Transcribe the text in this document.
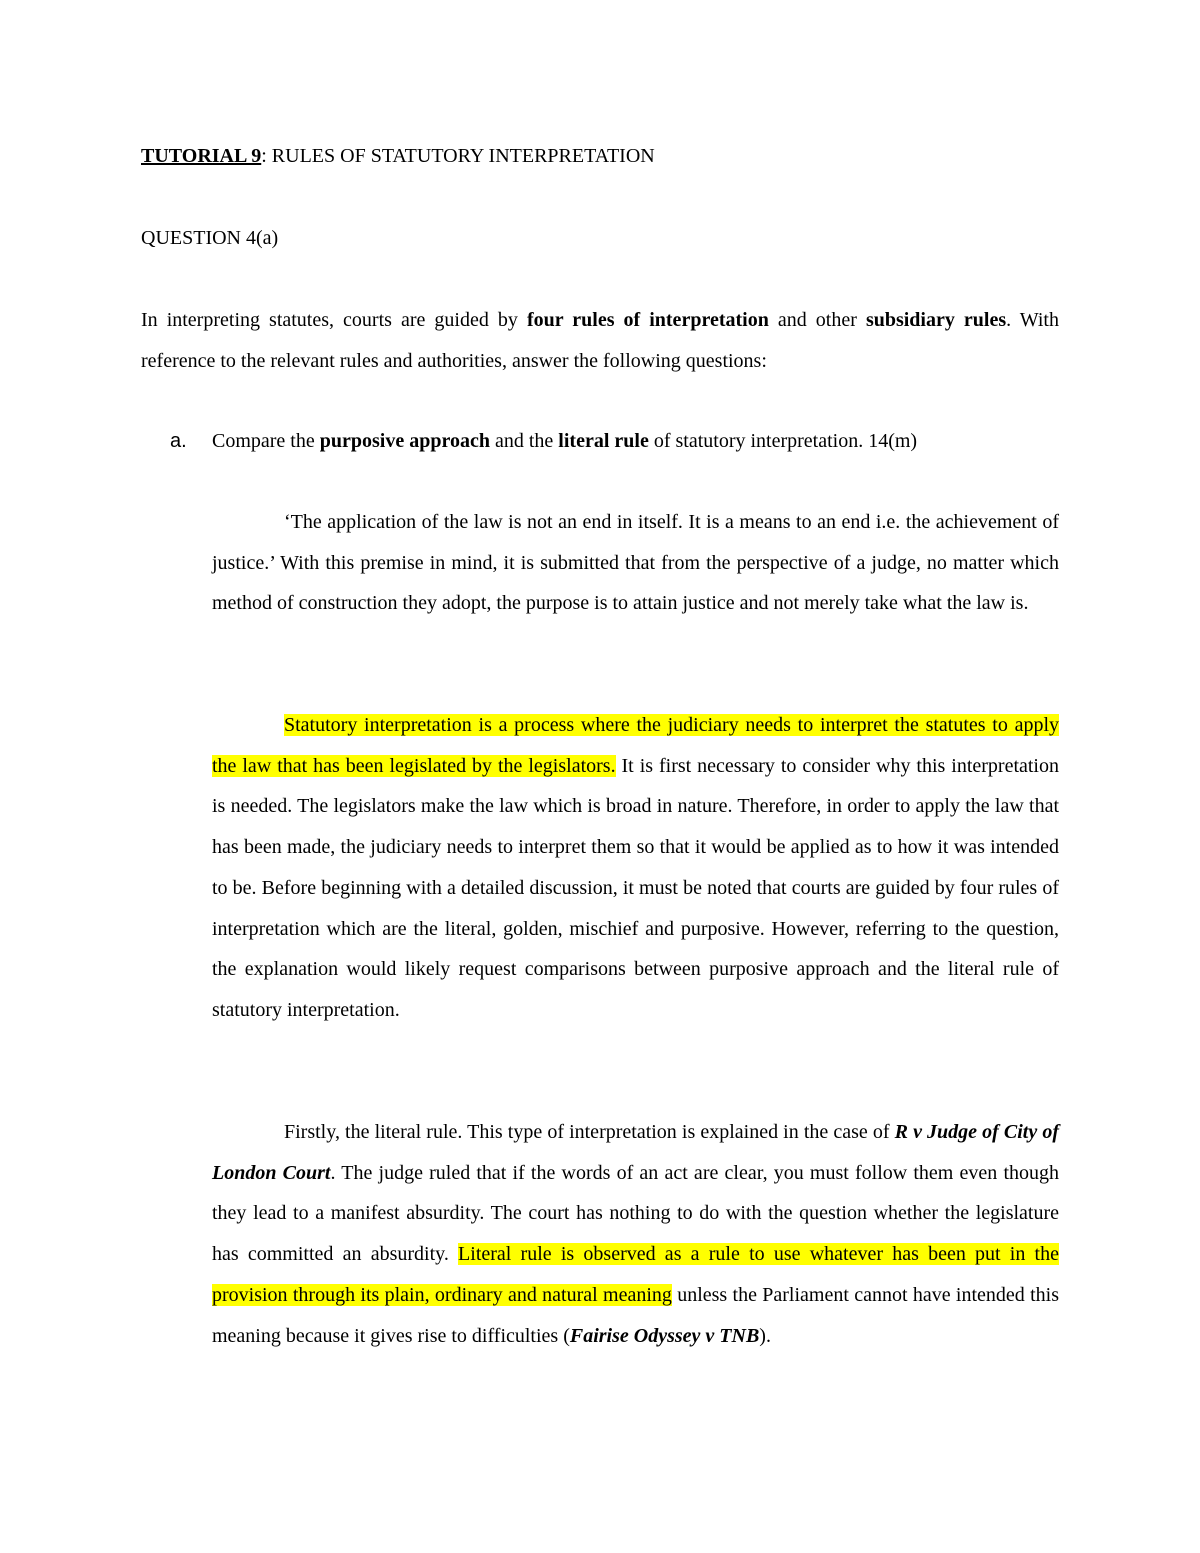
TUTORIAL 9: RULES OF STATUTORY INTERPRETATION
QUESTION 4(a)
In interpreting statutes, courts are guided by four rules of interpretation and other subsidiary rules. With reference to the relevant rules and authorities, answer the following questions:
a. Compare the purposive approach and the literal rule of statutory interpretation. 14(m)
‘The application of the law is not an end in itself. It is a means to an end i.e. the achievement of justice.’ With this premise in mind, it is submitted that from the perspective of a judge, no matter which method of construction they adopt, the purpose is to attain justice and not merely take what the law is.
Statutory interpretation is a process where the judiciary needs to interpret the statutes to apply the law that has been legislated by the legislators. It is first necessary to consider why this interpretation is needed. The legislators make the law which is broad in nature. Therefore, in order to apply the law that has been made, the judiciary needs to interpret them so that it would be applied as to how it was intended to be. Before beginning with a detailed discussion, it must be noted that courts are guided by four rules of interpretation which are the literal, golden, mischief and purposive. However, referring to the question, the explanation would likely request comparisons between purposive approach and the literal rule of statutory interpretation.
Firstly, the literal rule. This type of interpretation is explained in the case of R v Judge of City of London Court. The judge ruled that if the words of an act are clear, you must follow them even though they lead to a manifest absurdity. The court has nothing to do with the question whether the legislature has committed an absurdity. Literal rule is observed as a rule to use whatever has been put in the provision through its plain, ordinary and natural meaning unless the Parliament cannot have intended this meaning because it gives rise to difficulties (Fairise Odyssey v TNB).
